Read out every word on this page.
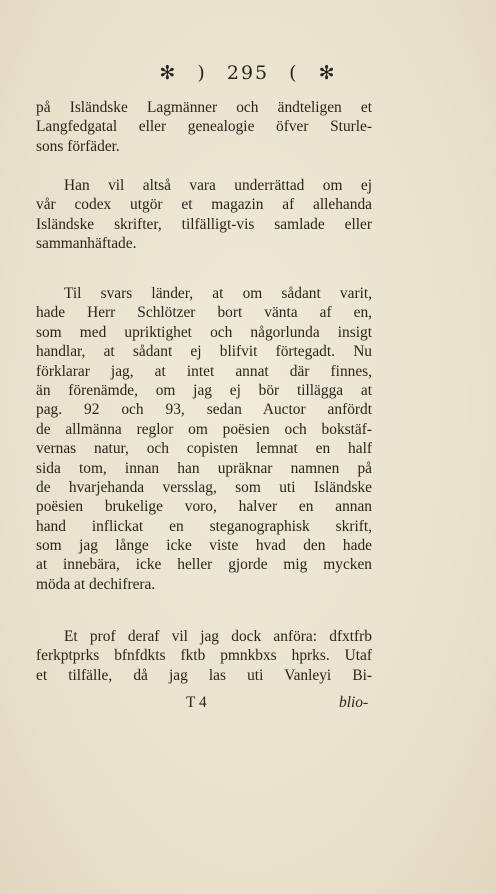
✻ ) 295 ( ✻
på Isländske Lagmänner och ändteligen et
Langfedgatal eller genealogie öfver Sturle-
sons förfäder.
Han vil altså vara underrättad om ej
vår codex utgör et magazin af allehanda
Isländske skrifter, tilfälligt-vis samlade eller
sammanhäftade.
Til svars länder, at om sådant varit,
hade Herr Schlötzer bort vänta af en,
som med upriktighet och någorlunda insigt
handlar, at sådant ej blifvit förtegadt. Nu
förklarar jag, at intet annat där finnes,
än förenämde, om jag ej bör tillägga at
pag. 92 och 93, sedan Auctor anfördt
de allmänna reglor om poësien och bokstäf-
vernas natur, och copisten lemnat en half
sida tom, innan han upräknar namnen på
de hvarjehanda versslag, som uti Isländske
poësien brukelige voro, halver en annan
hand inflickat en steganographisk skrift,
som jag långe icke viste hvad den hade
at innebära, icke heller gjorde mig mycken
möda at dechifrera.
Et prof deraf vil jag dock anföra: dfxtfrb
ferkptprks bfnfdkts fktb pmnkbxs hprks. Utaf
et tilfälle, då jag las uti Vanleyi Bi-
T 4	blio-
